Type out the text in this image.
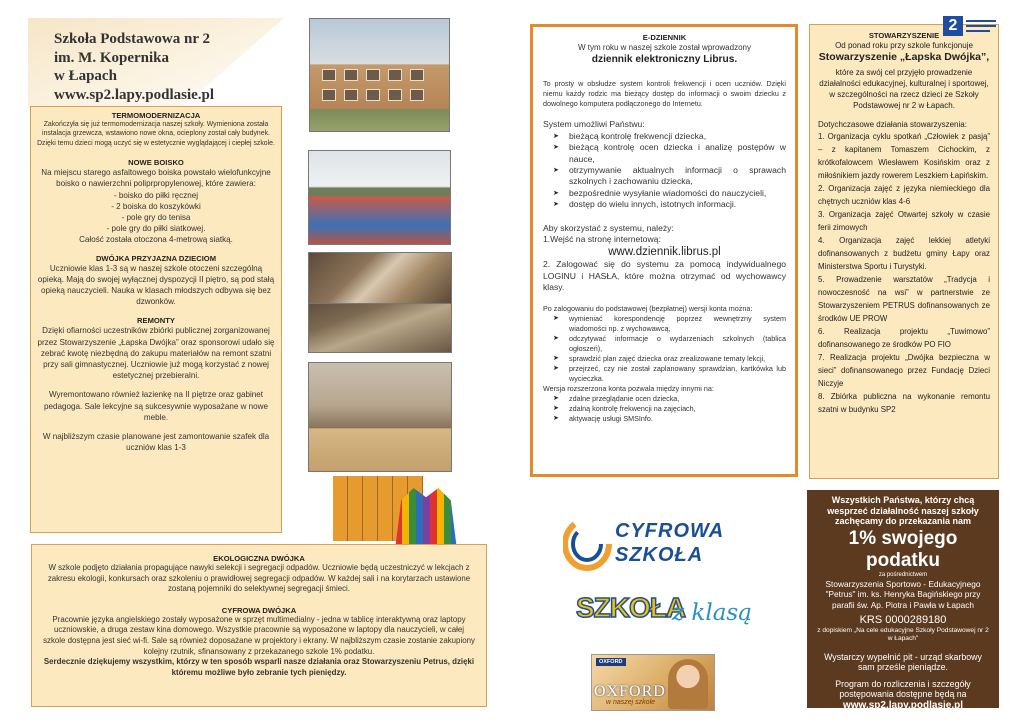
Szkoła Podstawowa nr 2
im. M. Kopernika
w Łapach
www.sp2.lapy.podlasie.pl
TERMOMODERNIZACJA
Zakończyła się już termomodernizacja naszej szkoły. Wymieniona została instalacja grzewcza, wstawiono nowe okna, ocieplony został cały budynek. Dzięki temu dzieci mogą uczyć się w estetycznie wyglądającej i ciepłej szkole.
NOWE BOISKO
Na miejscu starego asfaltowego boiska powstało wielofunkcyjne boisko o nawierzchni poliprpropylenowej, które zawiera:
- boisko do piłki ręcznej
- 2 boiska do koszykówki
- pole gry do tenisa
- pole gry do piłki siatkowej.
Całość została otoczona 4-metrową siatką.
DWÓJKA PRZYJAZNA DZIECIOM
Uczniowie klas 1-3 są w naszej szkole otoczeni szczególną opieką. Mają do swojej wyłącznej dyspozycji II piętro, są pod stałą opieką nauczycieli. Nauka w klasach młodszych odbywa się bez dzwonków.
REMONTY
Dzięki ofiarności uczestników zbiórki publicznej zorganizowanej przez Stowarzyszenie „Łapska Dwójka” oraz sponsorowi udało się zebrać kwotę niezbędną do zakupu materiałów na remont szatni przy sali gimnastycznej. Uczniowie już mogą korzystać z nowej estetycznej przebieralni.
Wyremontowano również łazienkę na II piętrze oraz gabinet pedagoga. Sale lekcyjne są sukcesywnie wyposażane w nowe meble.
W najbliższym czasie planowane jest zamontowanie szafek dla uczniów klas 1-3
EKOLOGICZNA DWÓJKA
W szkole podjęto działania propagujące nawyki selekcji i segregacji odpadów. Uczniowie będą uczestniczyć w lekcjach z zakresu ekologii, konkursach oraz szkoleniu o prawidłowej segregacji odpadów. W każdej sali i na korytarzach ustawione zostaną pojemniki do selektywnej segregacji śmieci.
CYFROWA DWÓJKA
Pracownie języka angielskiego zostały wyposażone w sprzęt multimedialny - jedna w tablicę interaktywną oraz laptopy uczniowskie, a druga zestaw kina domowego. Wszystkie pracownie są wyposażone w laptopy dla nauczycieli, w całej szkole dostępna jest sieć wi-fi. Sale są również doposażane w projektory i ekrany. W najbliższym czasie zostanie zakupiony kolejny rzutnik, sfinansowany z przekazanego szkole 1% podatku.
Serdecznie dziękujemy wszystkim, którzy w ten sposób wsparli nasze działania oraz Stowarzyszeniu Petrus, dzięki któremu możliwe było zebranie tych pieniędzy.
E-DZIENNIK
W tym roku w naszej szkole został wprowadzony
dziennik elektroniczny Librus.
To prosty w obsłudze system kontroli frekwencji i ocen uczniów. Dzięki niemu każdy rodzic ma bieżący dostęp do informacji o swoim dziecku z dowolnego komputera podłączonego do Internetu.
System umożliwi Państwu:
➤ bieżącą kontrolę frekwencji dziecka,
➤ bieżącą kontrolę ocen dziecka i analizę postępów w nauce,
➤ otrzymywanie aktualnych informacji o sprawach szkolnych i zachowaniu dziecka,
➤ bezpośrednie wysyłanie wiadomości do nauczycieli,
➤ dostęp do wielu innych, istotnych informacji.
Aby skorzystać z systemu, należy:
1.Wejść na stronę internetową:
www.dziennik.librus.pl
2. Zalogować się do systemu za pomocą indywidualnego LOGINU i HASŁA, które można otrzymać od wychowawcy klasy.
Po zalogowaniu do podstawowej (bezpłatnej) wersji konta można:
➤ wymieniać korespondencję poprzez wewnętrzny system wiadomości np. z wychowawcą,
➤ odczytywać informacje o wydarzeniach szkolnych (tablica ogłoszeń),
➤ sprawdzić plan zajęć dziecka oraz zrealizowane tematy lekcji,
➤ przejrzeć, czy nie został zaplanowany sprawdzian, kartkówka lub wycieczka.
Wersja rozszerzona konta pozwala między innymi na:
➤ zdalne przeglądanie ocen dziecka,
➤ zdalną kontrolę frekwencji na zajęciach,
➤ aktywację usługi SMSInfo.
CYFROWA
SZKOŁA
SZKOŁA
z klasą
OXFORD
OXFORD
w naszej szkole
STOWARZYSZENIE
Od ponad roku przy szkole funkcjonuje
Stowarzyszenie „Łapska Dwójka”,
które za swój cel przyjęło prowadzenie działalności edukacyjnej, kulturalnej i sportowej, w szczególności na rzecz dzieci ze Szkoły Podstawowej nr 2 w Łapach.
Dotychczasowe działania stowarzyszenia:
1. Organizacja cyklu spotkań „Człowiek z pasją” – z kapitanem Tomaszem Cichockim, z krótkofalowcem Wiesławem Kosińskim oraz z miłośnikiem jazdy rowerem Leszkiem Łapińskim.
2. Organizacja zajęć z języka niemieckiego dla chętnych uczniów klas 4-6
3. Organizacja zajęć Otwartej szkoły w czasie ferii zimowych
4. Organizacja zajęć lekkiej atletyki dofinansowanych z budżetu gminy Łapy oraz Ministerstwa Sportu i Turystyki.
5. Prowadzenie warsztatów „Tradycja i nowoczesność na wsi” w partnerstwie ze Stowarzyszeniem PETRUS dofinansowanych ze środków UE PROW
6. Realizacja projektu „Tuwimowo” dofinansowanego ze środków PO FIO
7. Realizacja projektu „Dwójka bezpieczna w sieci” dofinansowanego przez Fundację Dzieci Niczyje
8. Zbiórka publiczna na wykonanie remontu szatni w budynku SP2
2
Wszystkich Państwa, którzy chcą wesprzeć działalność naszej szkoły zachęcamy do przekazania nam
1% swojego podatku
za pośrednictwem
Stowarzyszenia Sportowo - Edukacyjnego "Petrus" im. ks. Henryka Bagińskiego przy parafii św. Ap. Piotra i Pawła w Łapach
KRS 0000289180
z dopiskiem „Na cele edukacyjne Szkoły Podstawowej nr 2 w Łapach"
Wystarczy wypełnić pit - urząd skarbowy sam prześle pieniądze.
Program do rozliczenia i szczegóły postępowania dostępne będą na
www.sp2.lapy.podlasie.pl
